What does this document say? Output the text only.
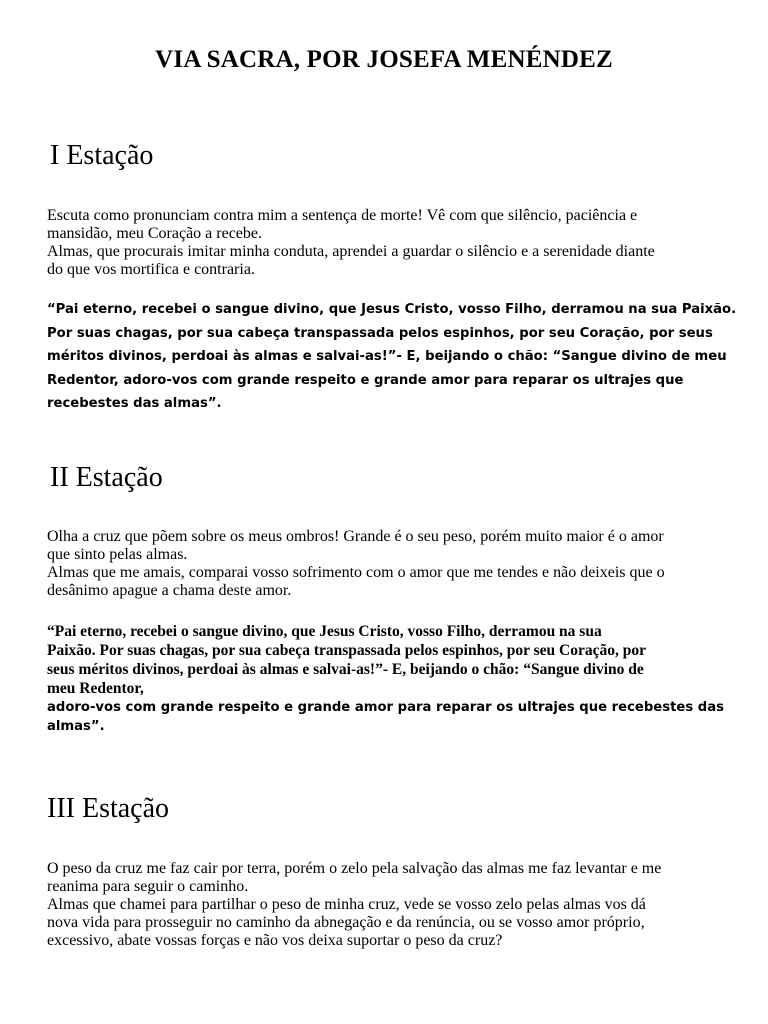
VIA SACRA, POR JOSEFA MENÉNDEZ
I Estação

Escuta como pronunciam contra mim a sentença de morte! Vê com que silêncio, paciência e
mansidão, meu Coração a recebe.
Almas, que procurais imitar minha conduta, aprendei a guardar o silêncio e a serenidade diante
do que vos mortifica e contraria.

“Pai eterno, recebei o sangue divino, que Jesus Cristo, vosso Filho, derramou na sua Paixão.
Por suas chagas, por sua cabeça transpassada pelos espinhos, por seu Coração, por seus
méritos divinos, perdoai às almas e salvai-as!”- E, beijando o chão: “Sangue divino de meu
Redentor, adoro-vos com grande respeito e grande amor para reparar os ultrajes que
recebestes das almas”.

II Estação

Olha a cruz que põem sobre os meus ombros! Grande é o seu peso, porém muito maior é o amor
que sinto pelas almas.
Almas que me amais, comparai vosso sofrimento com o amor que me tendes e não deixeis que o
desânimo apague a chama deste amor.

“Pai eterno, recebei o sangue divino, que Jesus Cristo, vosso Filho, derramou na sua
Paixão. Por suas chagas, por sua cabeça transpassada pelos espinhos, por seu Coração, por
seus méritos divinos, perdoai às almas e salvai-as!”- E, beijando o chão: “Sangue divino de
meu Redentor,
adoro-vos com grande respeito e grande amor para reparar os ultrajes que recebestes das
almas”.

III Estação

O peso da cruz me faz cair por terra, porém o zelo pela salvação das almas me faz levantar e me
reanima para seguir o caminho.
Almas que chamei para partilhar o peso de minha cruz, vede se vosso zelo pelas almas vos dá
nova vida para prosseguir no caminho da abnegação e da renúncia, ou se vosso amor próprio,
excessivo, abate vossas forças e não vos deixa suportar o peso da cruz?
